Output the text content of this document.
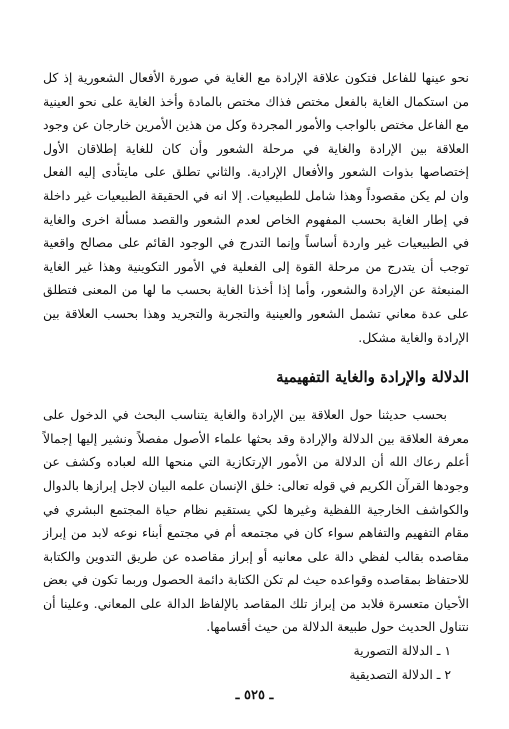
نحو عينها للفاعل فتكون علاقة الإرادة مع الغاية في صورة الأفعال الشعورية إذ كل من استكمال الغاية بالفعل مختص فذاك مختص بالمادة وأخذ الغاية على نحو العينية مع الفاعل مختص بالواجب والأمور المجردة وكل من هذين الأمرين خارجان عن وجود العلاقة بين الإرادة والغاية في مرحلة الشعور وأن كان للغاية إطلاقان الأول إختصاصها بذوات الشعور والأفعال الإرادية. والثاني تطلق على مايتأدى إليه الفعل وان لم يكن مقصوداً وهذا شامل للطبيعيات. إلا انه في الحقيقة الطبيعيات غير داخلة في إطار الغاية بحسب المفهوم الخاص لعدم الشعور والقصد مسألة اخرى والغاية في الطبيعيات غير واردة أساساً وإنما التدرج في الوجود القائم على مصالح واقعية توجب أن يتدرج من مرحلة القوة إلى الفعلية في الأمور التكوينية وهذا غير الغاية المنبعثة عن الإرادة والشعور، وأما إذا أخذنا الغاية بحسب ما لها من المعنى فتطلق على عدة معاني تشمل الشعور والعينية والتجربة والتجريد وهذا بحسب العلاقة بين الإرادة والغاية مشكل.

الدلالة والإرادة والغاية التفهيمية

بحسب حديثنا حول العلاقة بين الإرادة والغاية يتناسب البحث في الدخول على معرفة العلاقة بين الدلالة والإرادة وقد بحثها علماء الأصول مفصلاً ونشير إليها إجمالاً أعلم رعاك الله أن الدلالة من الأمور الإرتكازية التي منحها الله لعباده وكشف عن وجودها القرآن الكريم في قوله تعالى: خلق الإنسان علمه البيان لاجل إبرازها بالدوال والكواشف الخارجية اللفظية وغيرها لكي يستقيم نظام حياة المجتمع البشري في مقام التفهيم والتفاهم سواء كان في مجتمعه أم في مجتمع أبناء نوعه لابد من إبراز مقاصده بقالب لفظي دالة على معانيه أو إبراز مقاصده عن طريق التدوين والكتابة للاحتفاظ بمقاصده وقواعده حيث لم تكن الكتابة دائمة الحصول وربما تكون في بعض الأحيان متعسرة فلابد من إبراز تلك المقاصد بالإلفاظ الدالة على المعاني. وعلينا أن نتناول الحديث حول طبيعة الدلالة من حيث أقسامها.

١ ـ الدلالة التصورية
٢ ـ الدلالة التصديقية
ـ ٥٢٥ ـ
